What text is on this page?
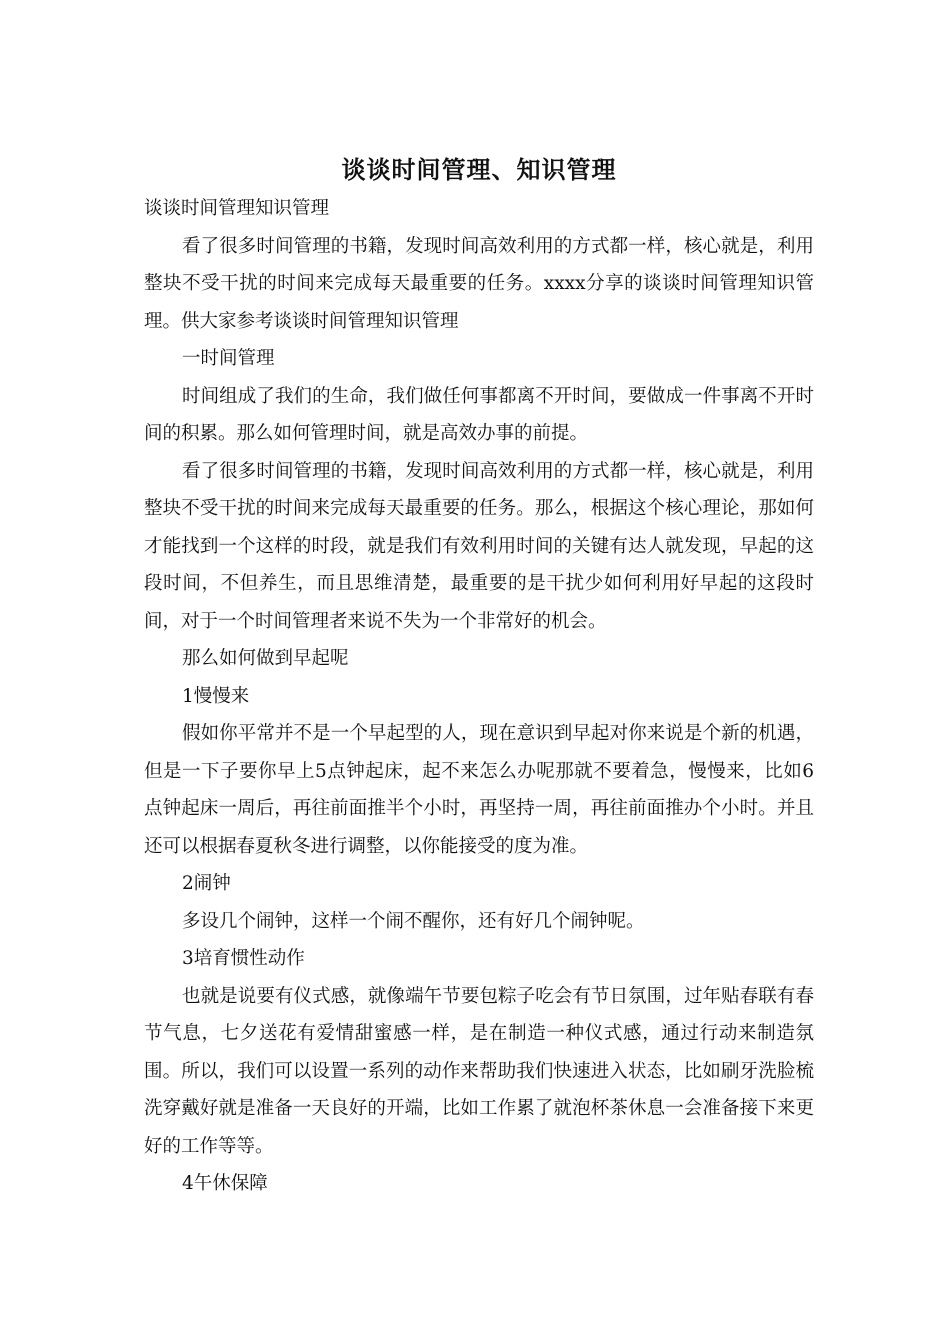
谈谈时间管理、知识管理

谈谈时间管理知识管理

看了很多时间管理的书籍，发现时间高效利用的方式都一样，核心就是，利用整块不受干扰的时间来完成每天最重要的任务。xxxx分享的谈谈时间管理知识管理。供大家参考谈谈时间管理知识管理

一时间管理

时间组成了我们的生命，我们做任何事都离不开时间，要做成一件事离不开时间的积累。那么如何管理时间，就是高效办事的前提。

看了很多时间管理的书籍，发现时间高效利用的方式都一样，核心就是，利用整块不受干扰的时间来完成每天最重要的任务。那么，根据这个核心理论，那如何才能找到一个这样的时段，就是我们有效利用时间的关键有达人就发现，早起的这段时间，不但养生，而且思维清楚，最重要的是干扰少如何利用好早起的这段时间，对于一个时间管理者来说不失为一个非常好的机会。

那么如何做到早起呢

1慢慢来

假如你平常并不是一个早起型的人，现在意识到早起对你来说是个新的机遇，但是一下子要你早上5点钟起床，起不来怎么办呢那就不要着急，慢慢来，比如6点钟起床一周后，再往前面推半个小时，再坚持一周，再往前面推办个小时。并且还可以根据春夏秋冬进行调整，以你能接受的度为准。

2闹钟

多设几个闹钟，这样一个闹不醒你，还有好几个闹钟呢。

3培育惯性动作

也就是说要有仪式感，就像端午节要包粽子吃会有节日氛围，过年贴春联有春节气息，七夕送花有爱情甜蜜感一样，是在制造一种仪式感，通过行动来制造氛围。所以，我们可以设置一系列的动作来帮助我们快速进入状态，比如刷牙洗脸梳洗穿戴好就是准备一天良好的开端，比如工作累了就泡杯茶休息一会准备接下来更好的工作等等。

4午休保障
